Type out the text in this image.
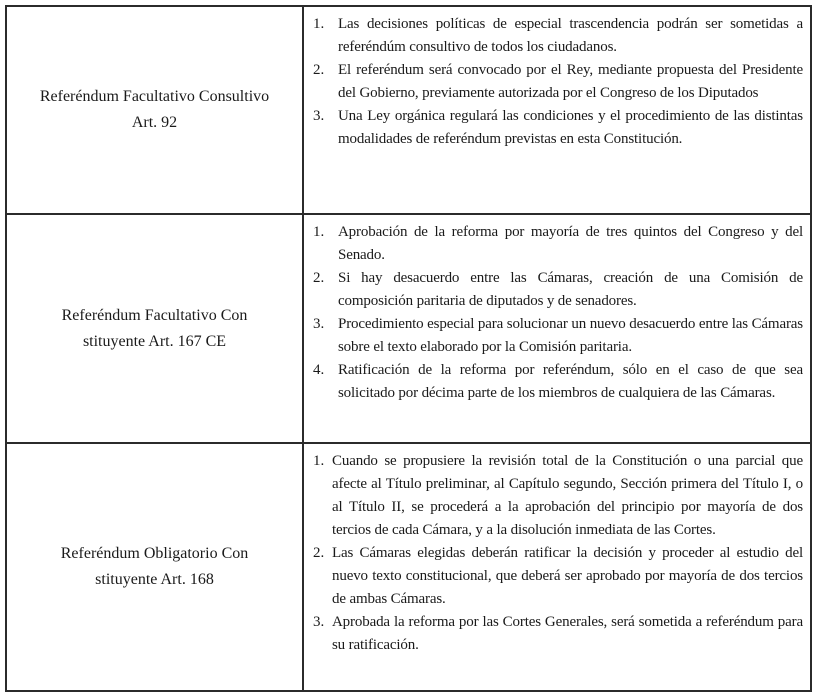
Referéndum Facultativo Consultivo
Art. 92
1. Las decisiones políticas de especial trascendencia podrán ser sometidas a referéndúm consultivo de todos los ciudadanos.
2. El referéndum será convocado por el Rey, mediante propuesta del Presidente del Gobierno, previamente autorizada por el Congreso de los Diputados
3. Una Ley orgánica regulará las condiciones y el procedimiento de las distintas modalidades de referéndum previstas en esta Constitución.
Referéndum Facultativo Con
stituyente Art. 167 CE
1. Aprobación de la reforma por mayoría de tres quintos del Congreso y del Senado.
2. Si hay desacuerdo entre las Cámaras, creación de una Comisión de composición paritaria de diputados y de senadores.
3. Procedimiento especial para solucionar un nuevo desacuerdo entre las Cámaras sobre el texto elaborado por la Comisión paritaria.
4. Ratificación de la reforma por referéndum, sólo en el caso de que sea solicitado por décima parte de los miembros de cualquiera de las Cámaras.
Referéndum Obligatorio Con
stituyente Art. 168
1. Cuando se propusiere la revisión total de la Constitución o una parcial que afecte al Título preliminar, al Capítulo segundo, Sección primera del Título I, o al Título II, se procederá a la aprobación del principio por mayoría de dos tercios de cada Cámara, y a la disolución inmediata de las Cortes.
2. Las Cámaras elegidas deberán ratificar la decisión y proceder al estudio del nuevo texto constitucional, que deberá ser aprobado por mayoría de dos tercios de ambas Cámaras.
3. Aprobada la reforma por las Cortes Generales, será sometida a referéndum para su ratificación.
